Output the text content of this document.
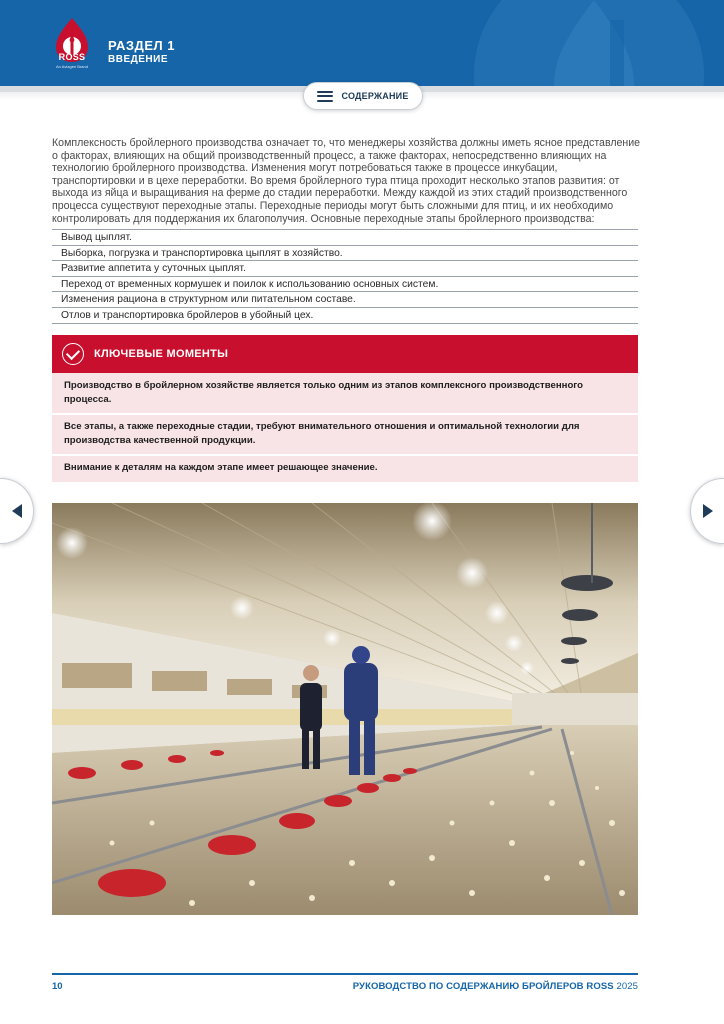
ROSS
An Aviagen Brand
РАЗДЕЛ 1
ВВЕДЕНИЕ
СОДЕРЖАНИЕ

Комплексность бройлерного производства означает то, что менеджеры хозяйства должны иметь ясное представление о факторах, влияющих на общий производственный процесс, а также факторах, непосредственно влияющих на технологию бройлерного производства. Изменения могут потребоваться также в процессе инкубации, транспортировки и в цехе переработки. Во время бройлерного тура птица проходит несколько этапов развития: от выхода из яйца и выращивания на ферме до стадии переработки. Между каждой из этих стадий производственного процесса существуют переходные этапы. Переходные периоды могут быть сложными для птиц, и их необходимо контролировать для поддержания их благополучия. Основные переходные этапы бройлерного производства:

Вывод цыплят.
Выборка, погрузка и транспортировка цыплят в хозяйство.
Развитие аппетита у суточных цыплят.
Переход от временных кормушек и поилок к использованию основных систем.
Изменения рациона в структурном или питательном составе.
Отлов и транспортировка бройлеров в убойный цех.
КЛЮЧЕВЫЕ МОМЕНТЫ
Производство в бройлерном хозяйстве является только одним из этапов комплексного производственного процесса.
Все этапы, а также переходные стадии, требуют внимательного отношения и оптимальной технологии для производства качественной продукции.
Внимание к деталям на каждом этапе имеет решающее значение.
10	РУКОВОДСТВО ПО СОДЕРЖАНИЮ БРОЙЛЕРОВ ROSS 2025
